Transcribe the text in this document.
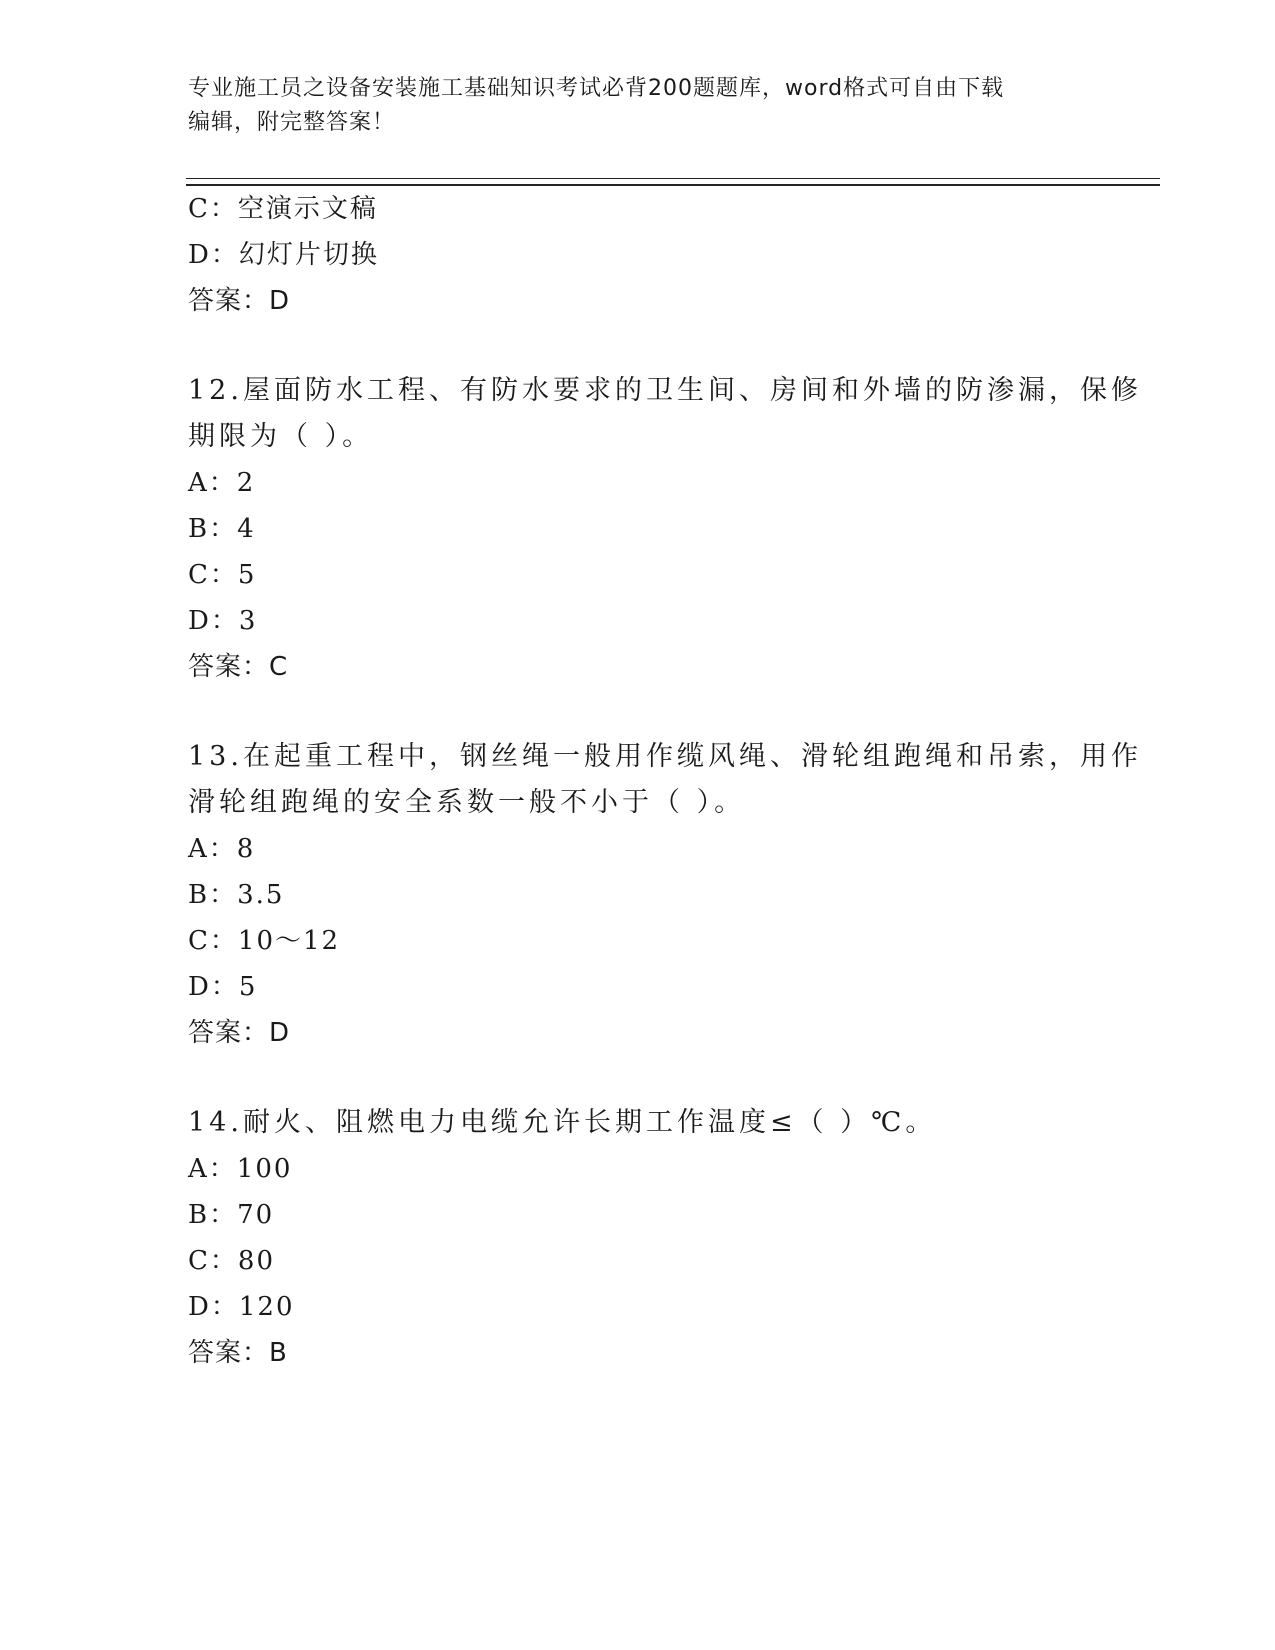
专业施工员之设备安装施工基础知识考试必背200题题库，word格式可自由下载
编辑，附完整答案！
C：空演示文稿
D：幻灯片切换
答案：D
12.屋面防水工程、有防水要求的卫生间、房间和外墙的防渗漏，保修
期限为（ ）。
A：2
B：4
C：5
D：3
答案：C
13.在起重工程中，钢丝绳一般用作缆风绳、滑轮组跑绳和吊索，用作
滑轮组跑绳的安全系数一般不小于（ ）。
A：8
B：3.5
C：10～12
D：5
答案：D
14.耐火、阻燃电力电缆允许长期工作温度≤（ ）℃。
A：100
B：70
C：80
D：120
答案：B
